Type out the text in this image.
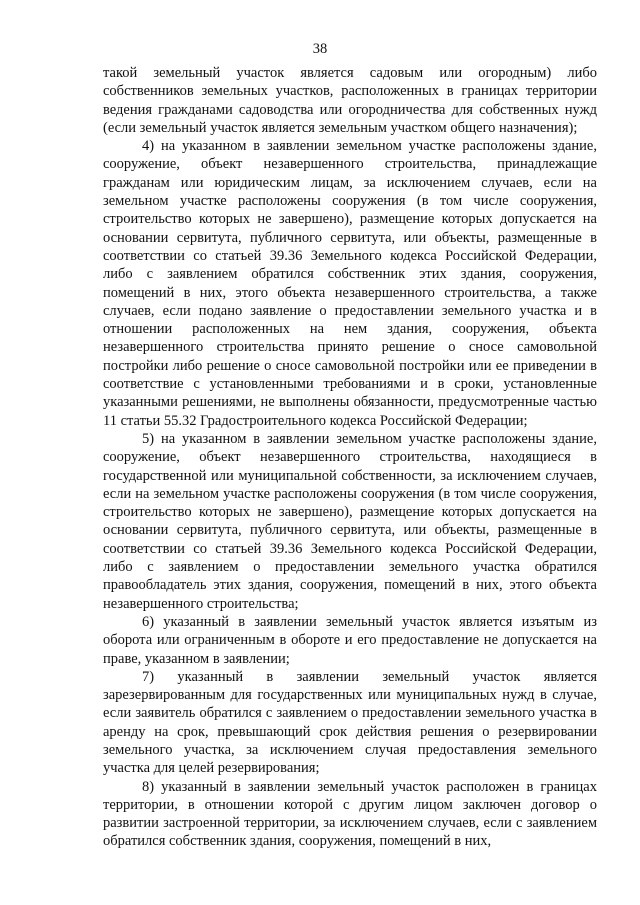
38

такой земельный участок является садовым или огородным) либо собственников земельных участков, расположенных в границах территории ведения гражданами садоводства или огородничества для собственных нужд (если земельный участок является земельным участком общего назначения);

4) на указанном в заявлении земельном участке расположены здание, сооружение, объект незавершенного строительства, принадлежащие гражданам или юридическим лицам, за исключением случаев, если на земельном участке расположены сооружения (в том числе сооружения, строительство которых не завершено), размещение которых допускается на основании сервитута, публичного сервитута, или объекты, размещенные в соответствии со статьей 39.36 Земельного кодекса Российской Федерации, либо с заявлением обратился собственник этих здания, сооружения, помещений в них, этого объекта незавершенного строительства, а также случаев, если подано заявление о предоставлении земельного участка и в отношении расположенных на нем здания, сооружения, объекта незавершенного строительства принято решение о сносе самовольной постройки либо решение о сносе самовольной постройки или ее приведении в соответствие с установленными требованиями и в сроки, установленные указанными решениями, не выполнены обязанности, предусмотренные частью 11 статьи 55.32 Градостроительного кодекса Российской Федерации;

5) на указанном в заявлении земельном участке расположены здание, сооружение, объект незавершенного строительства, находящиеся в государственной или муниципальной собственности, за исключением случаев, если на земельном участке расположены сооружения (в том числе сооружения, строительство которых не завершено), размещение которых допускается на основании сервитута, публичного сервитута, или объекты, размещенные в соответствии со статьей 39.36 Земельного кодекса Российской Федерации, либо с заявлением о предоставлении земельного участка обратился правообладатель этих здания, сооружения, помещений в них, этого объекта незавершенного строительства;

6) указанный в заявлении земельный участок является изъятым из оборота или ограниченным в обороте и его предоставление не допускается на праве, указанном в заявлении;

7) указанный в заявлении земельный участок является зарезервированным для государственных или муниципальных нужд в случае, если заявитель обратился с заявлением о предоставлении земельного участка в аренду на срок, превышающий срок действия решения о резервировании земельного участка, за исключением случая предоставления земельного участка для целей резервирования;

8) указанный в заявлении земельный участок расположен в границах территории, в отношении которой с другим лицом заключен договор о развитии застроенной территории, за исключением случаев, если с заявлением обратился собственник здания, сооружения, помещений в них,
